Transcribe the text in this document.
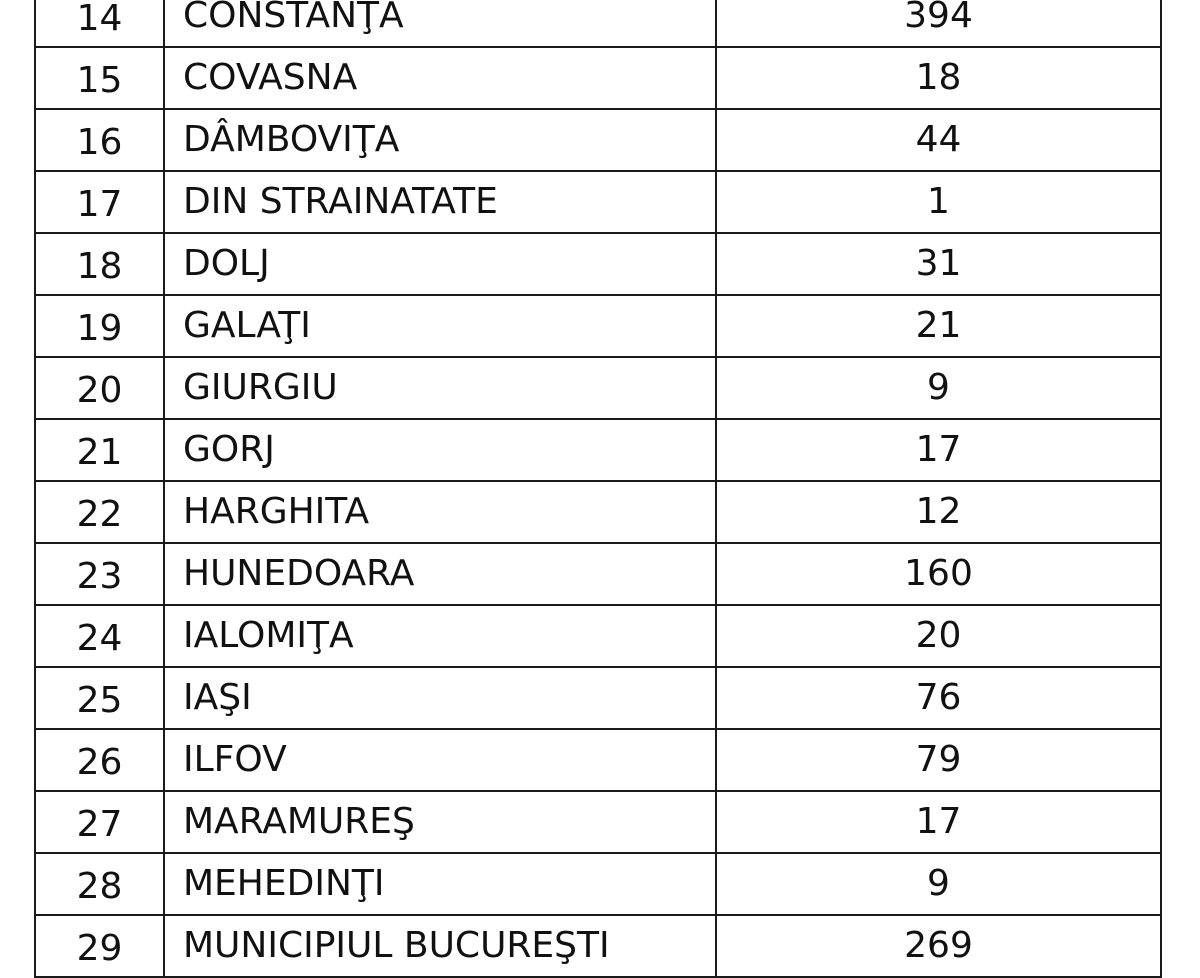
14	CONSTANŢA	394
15	COVASNA	18
16	DÂMBOVIŢA	44
17	DIN STRAINATATE	1
18	DOLJ	31
19	GALAŢI	21
20	GIURGIU	9
21	GORJ	17
22	HARGHITA	12
23	HUNEDOARA	160
24	IALOMIŢA	20
25	IAŞI	76
26	ILFOV	79
27	MARAMUREŞ	17
28	MEHEDINŢI	9
29	MUNICIPIUL BUCUREŞTI	269
